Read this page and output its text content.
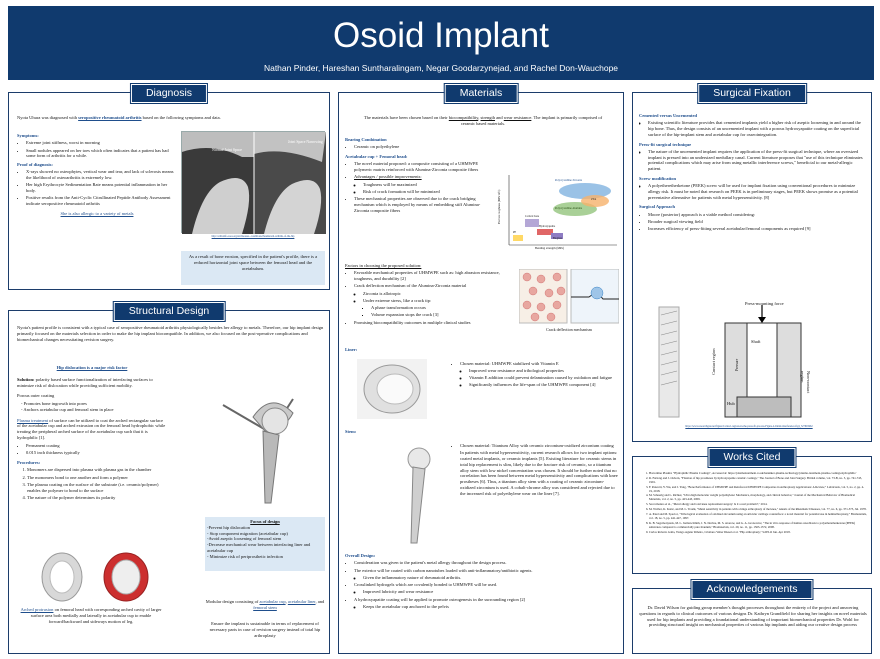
Osoid Implant
Nathan Pinder, Hareshan Suntharalingam, Negar Goodarzynejad, and Rachel Don-Wauchope
Diagnosis
Nyota Uhura was diagnosed with seropositive rheumatoid arthritis based on the following symptoms and data.
Symptoms:
• Extreme joint stiffness, worst in morning
• Small nodules appeared on her toes which often indicates that a patient has had some form of arthritis for a while.
Proof of diagnosis:
• X-rays showed no osteophytes, vertical wear and tear, and lack of sclerosis means the likelihood of osteoarthritis is extremely low.
• Her high Erythrocyte Sedimentation Rate means potential inflammation in her body.
• Positive results from the Anti-Cyclic Citrullinated Peptide Antibody Assessment indicate seropositive rheumatoid arthritis

She is also allergic to a variety of metals

Normal Joint Space
Joint Space Narrowing
http://orthoinfo.aaos.org/en/diseases--conditions/rheumatoid-arthritis-of-the-hip
As a result of bone erosion, specified in the patient's profile, there is a reduced horizontal joint space between the femoral head and the acetabulum.
Structural Design
Nyota's patient profile is consistent with a typical case of seropositive rheumatoid arthritis physiologically besides her allergy to metals. Therefore, our hip implant design primarily focused on the materials selection in order to make the hip implant biocompatible. In addition, we also focused on the post-operative complications and biomechanical changes necessitating revision surgery.

Hip dislocation is a major risk factor

Solution: polarity based surface functionalization of interfacing surfaces to minimize risk of dislocation while providing sufficient mobility.

Porous outer coating

- Promotes bone ingrowth into pores
- Anchors acetabular cup and femoral stem in place

Plasma treatment of surface can be utilized to coat the arched rectangular surface of the acetabular cup and arched extrusion on the femoral head hydrophobic while treating the peripheral arched surface of the acetabular cup such that it is hydrophilic [1].

• Permanent coating
• 0.015 inch thickness typically

Procedures:

1. Monomers are dispersed into plasma with plasma gas in the chamber
2. The monomers bond to one another and form a polymer
3. The plasma coating on the surface of the substrate (i.e. ceramic/polymer) enables the polymer to bond to the surface
4. The nature of the polymer determines its polarity
Arched protrusion on femoral head with corresponding arched cavity of larger surface area both medially and laterally in acetabular cup to enable forward/backward and sideways motion of leg.
Focus of design
-Prevent hip dislocation
- Stop component migration (acetabular cup)
-Avoid aseptic loosening of femoral stem
-Decrease mechanical wear between interfacing liner and acetabular cup
- Minimize risk of periprosthetic infection
Modular design consisting of acetabular cup, acetabular liner, and femoral stem
Ensure the implant is sustainable in terms of replacement of necessary parts in case of revision surgery instead of total hip arthroplasty
Materials
The materials have been chosen based on their biocompatibility, strength and wear resistance. The implant is primarily comprised of ceramic based materials.
Bearing Combination
• Ceramic on polyethylene
Acetabular cup + Femoral head:
• The novel material proposed: a composite consisting of a UHMWPE polymeric matrix reinforced with Alumina-Zirconia composite fibers
• Advantages / possible improvements:
◦ Toughness will be maximized
◦ Risk of crack formation will be minimized
• These mechanical properties are observed due to the crack bridging mechanism which is employed by means of embedding stiff Alumina-Zirconia composite fibers
Polycrystalline Zirconia
Polycrystalline Alumina
ZTA
Cortical bone
Hydroxyapatite
Bioglass
PE
Bending strength (MPa)
Fracture toughness (MPa·m½)
Factors in choosing the proposed solution:
• Favorable mechanical properties of UHMWPE such as: high abrasion resistance, toughness, and durability [2]
• Crack deflection mechanism of the Alumina-Zirconia material
◦ Zirconia is allotropic
◦ Under extreme stress, like a crack tip:
▪ A phase transformation occurs
▪ Volume expansion stops the crack [3]
• Promising biocompatibility outcomes in multiple clinical studies
Crack deflection mechanism
Liner:
• Chosen material: UHMWPE stabilized with Vitamin E
◦ Improved wear resistance and tribological properties
◦ Vitamin E addition could prevent delamination caused by oxidation and fatigue
◦ Significantly influences the life-span of the UHMWPE component [4]
Stem:
• Chosen material: Titanium Alloy with ceramic zirconium-oxidized zirconium coating

In patients with metal hypersensitivity, current research allows for two implant options: coated metal implants, or ceramic implants [5]. Existing literature for ceramic stems in total hip replacement is slim, likely due to the fracture risk of ceramic, so a titanium alloy stem with low nickel concentration was chosen. It should be further noted that no correlation has been found between metal hypersensitivity and complications with knee prostheses [6]. Thus, a titanium alloy stem with a coating of ceramic zirconium-oxidized zirconium is used. A cobalt-chrome alloy was considered and rejected due to the increased risk of polyethylene wear on the liner [7].

Overall Design:
• Consideration was given to the patient's metal allergy throughout the design process.
• The exterior will be coated with carbon nanotubes loaded with anti-inflammatory/antibiotic agents.
◦ Given the inflammatory nature of rheumatoid arthritis.
• Crosslinked hydrogels which are covalently bonded to UHMWPE will be used.
◦ Improved lubricity and wear resistance
• A hydroxyapatite coating will be applied to promote osteogenesis in the surrounding region [2]
◦ Keeps the acetabular cup anchored to the pelvis
Surgical Fixation
Cemented versus Uncemented
◦ Existing scientific literature provides that cemented implants yield a higher risk of aseptic loosening in and around the hip bone. Thus, the design consists of an uncemented implant with a porous hydroxyapatite coating on the superficial surface of the hip-implant stem and acetabular cup for osseointegration.
Press-fit surgical technique
◦ The nature of the uncemented implant requires the application of the press-fit surgical technique, where an oversized implant is pressed into an undersized medullary canal. Current literature proposes that "use of this technique eliminates potential complications which may arise from using metallic interference screws," beneficial to our metal-allergic patient.
Screw modification
◦ A polyetheretherketone (PEEK) screw will be used for implant fixation using conventional procedures to minimize allergy risk. It must be noted that research on PEEK is in preliminary stages, but PEEK shows promise as a potential preventative alternative for patients with metal hypersensitivity. [8]
Surgical Approach
• Moore (posterior) approach is a viable method considering:
• Broader surgical viewing field
• Increases efficiency of press-fitting several acetabular/femoral components as required [9]
Press-mounting force
Shaft
Contact region
Non-contact region
Hub
Pressure
https://www.researchgate.net/figure/Contact-regions-in-the-press-fit-process-Figure-4-Initial-interference-fig4_327693462
Works Cited
1. Hortonline Plasma: "Hydrophilic Plasma Coatings", Accessed at: https://plasmatreatment.co.uk/henniker-plasma-technology/plasma-treatment-plasma-coatings-hydrophilic/
2. R. Furlong and J. Osborn, "Fixation of hip prostheses by hydroxyapatite ceramic coatings," The Journal of Bone and Joint Surgery. British volume, vol. 73-B, no. 5, pp. 741-745, 1991.
3. F. Pezzotti, Y. Wu, and J. Yang, "Bone Performance of UHMWPE and Reinforced UHMWPE Composites in Arthroplasty Applications: A Review," Lubricants, vol. 5, no. 2, pp. 4-19, 2018.
4. M. Scheerig and L. Richter, "Ultra high molecular weight polyethylene: Mechanics, morphology, and clinical behavior," Journal of the Mechanical Behavior of Biomedical Materials, vol. 2, no. 5, pp. 423-443, 2009.
5. Saccomanno et al., "Metal allergy and total knee replacement surgery: Is it a real problem?," 2014.
6. M. Wolber, K. Kurtz, and M. L. Traalk, "Metal sensitivity in patients with a hinge arthroplasty of the knee," Annals of the Rheumatic Diseases, vol. 77, no. 6, pp. 371-375, Jul. 1978.
7. A. Patel and M. Spector, "Tribological evaluation of oxidized zirconium using an articular cartilage counterface: a novel material for potential use in hemiarthroplasty," Biomaterials, vol. 18, no. 5, pp. 441-447, 1997.
8. K. B. Sagomonyants, M. L. Jarman-Smith, J. N. Devine, M. S. Aronow, and G. A. Gronowicz, "The in vitro response of human osteoblasts to polyetheretherketone (PEEK) substrates compared to commercially pure titanium," Biomaterials, vol. 29, no. 11, pp. 1563-1572, 2008.
9. Carlos Roberto Galia, Tiango Aguiar Ribeiro, Cristiano Valter Diesel et al. "Hip arthroplasty," SciELO Jun. Apr 2018.
Acknowledgements
Dr. David Wilson for guiding group member's thought processes throughout the entirety of the project and answering questions in regards to clinical outcomes of various designs Dr. Kathryn Grandfield for sharing her insights on novel materials used for hip implants and providing a foundational understanding of important biomechanical properties Dr. Wohl for providing structural insight on mechanical properties of various hip implants and aiding our creative design process
